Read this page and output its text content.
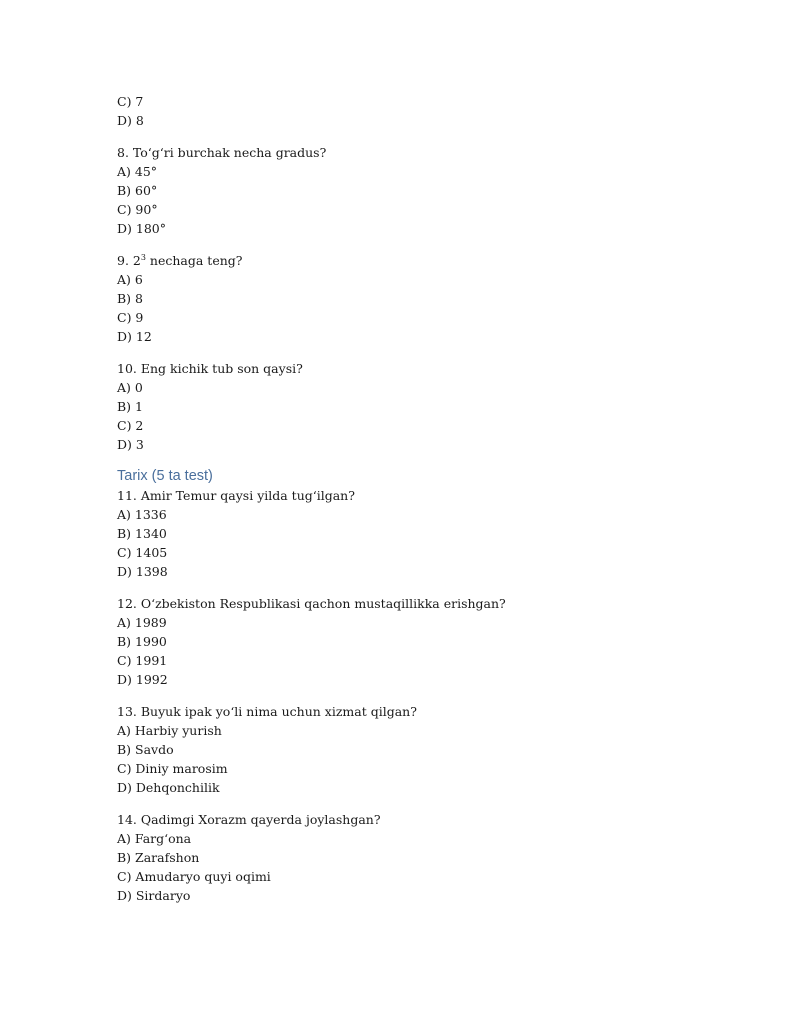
C) 7
D) 8
8. To‘g‘ri burchak necha gradus?
A) 45°
B) 60°
C) 90°
D) 180°
9. $2^3$ nechaga teng?
A) 6
B) 8
C) 9
D) 12
10. Eng kichik tub son qaysi?
A) 0
B) 1
C) 2
D) 3
Tarix (5 ta test)
11. Amir Temur qaysi yilda tug‘ilgan?
A) 1336
B) 1340
C) 1405
D) 1398
12. O‘zbekiston Respublikasi qachon mustaqillikka erishgan?
A) 1989
B) 1990
C) 1991
D) 1992
13. Buyuk ipak yo‘li nima uchun xizmat qilgan?
A) Harbiy yurish
B) Savdo
C) Diniy marosim
D) Dehqonchilik
14. Qadimgi Xorazm qayerda joylashgan?
A) Farg‘ona
B) Zarafshon
C) Amudaryo quyi oqimi
D) Sirdaryo
